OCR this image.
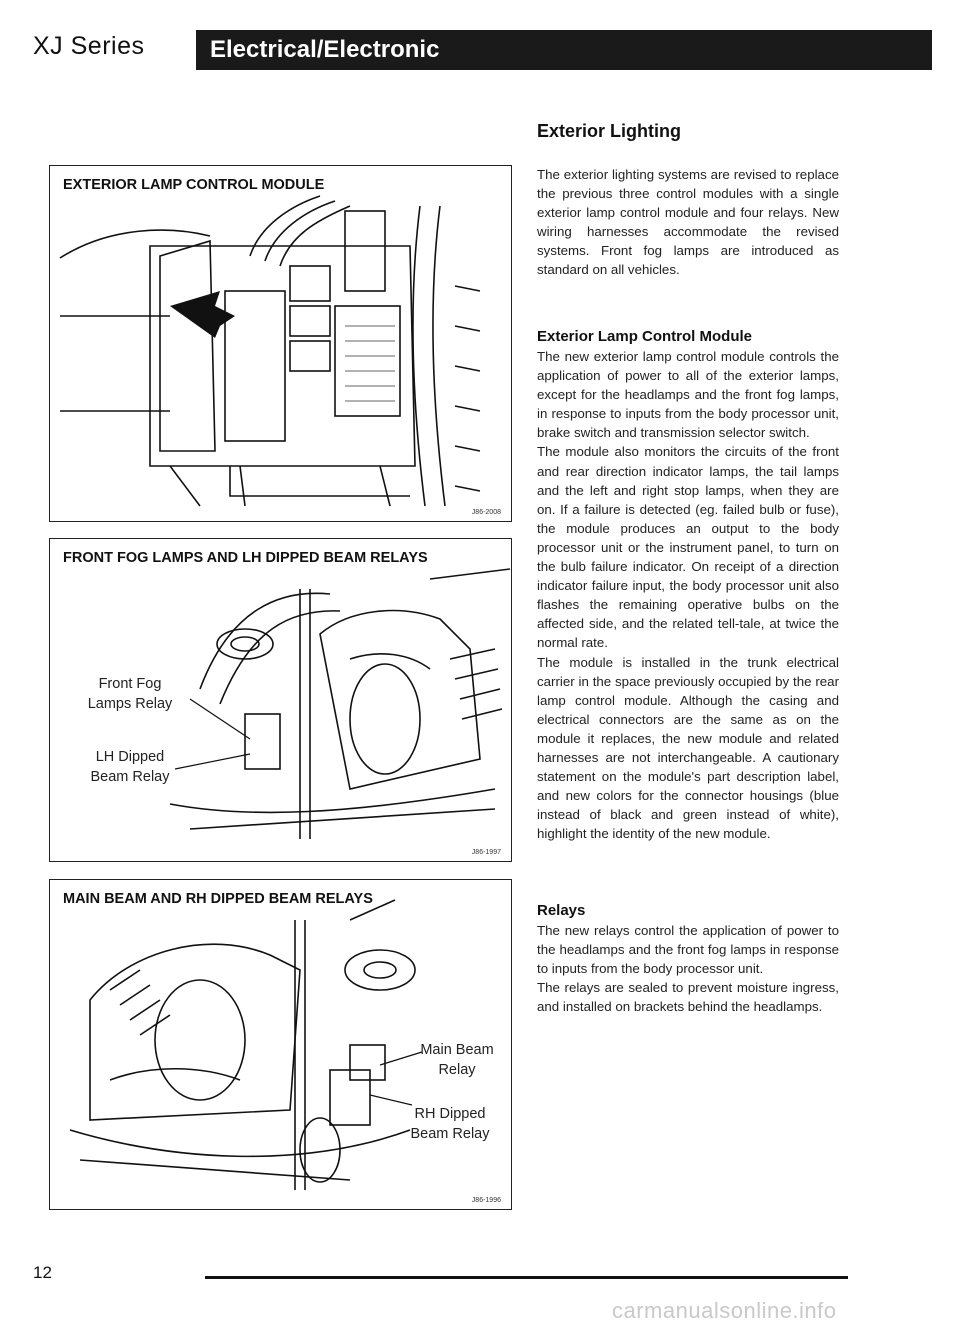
XJ Series	Electrical/Electronic
EXTERIOR LAMP CONTROL MODULE
J86-2008
FRONT FOG LAMPS AND LH DIPPED BEAM RELAYS
Front Fog
Lamps Relay
LH Dipped
Beam Relay
J86-1997
MAIN BEAM AND RH DIPPED BEAM RELAYS
Main Beam
Relay
RH Dipped
Beam Relay
J86-1996
Exterior Lighting

The exterior lighting systems are revised to replace the previous three control modules with a single exterior lamp control module and four relays. New wiring harnesses accommodate the revised systems. Front fog lamps are introduced as standard on all vehicles.

Exterior Lamp Control Module

The new exterior lamp control module controls the application of power to all of the exterior lamps, except for the headlamps and the front fog lamps, in response to inputs from the body processor unit, brake switch and transmission selector switch.

The module also monitors the circuits of the front and rear direction indicator lamps, the tail lamps and the left and right stop lamps, when they are on. If a failure is detected (eg. failed bulb or fuse), the module produces an output to the body processor unit or the instrument panel, to turn on the bulb failure indicator. On receipt of a direction indicator failure input, the body processor unit also flashes the remaining operative bulbs on the affected side, and the related tell-tale, at twice the normal rate.

The module is installed in the trunk electrical carrier in the space previously occupied by the rear lamp control module. Although the casing and electrical connectors are the same as on the module it replaces, the new module and related harnesses are not interchangeable. A cautionary statement on the module's part description label, and new colors for the connector housings (blue instead of black and green instead of white), highlight the identity of the new module.

Relays

The new relays control the application of power to the headlamps and the front fog lamps in response to inputs from the body processor unit.

The relays are sealed to prevent moisture ingress, and installed on brackets behind the headlamps.

12
carmanualsonline.info
